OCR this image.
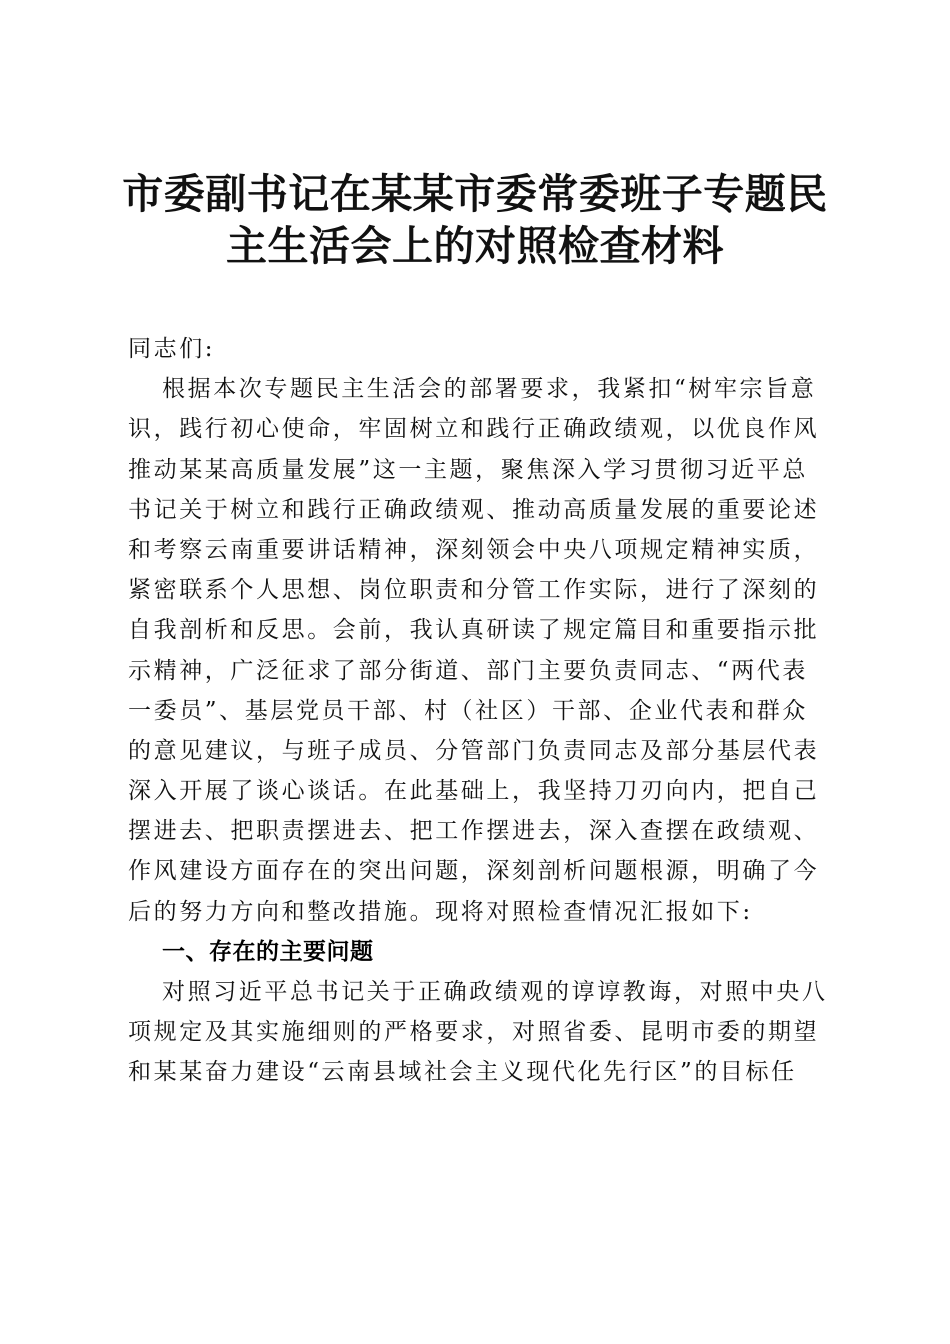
市委副书记在某某市委常委班子专题民
主生活会上的对照检查材料
同志们:
根据本次专题民主生活会的部署要求，我紧扣“树牢宗旨意
识，践行初心使命，牢固树立和践行正确政绩观，以优良作风
推动某某高质量发展”这一主题，聚焦深入学习贯彻习近平总
书记关于树立和践行正确政绩观、推动高质量发展的重要论述
和考察云南重要讲话精神，深刻领会中央八项规定精神实质，
紧密联系个人思想、岗位职责和分管工作实际，进行了深刻的
自我剖析和反思。会前，我认真研读了规定篇目和重要指示批
示精神，广泛征求了部分街道、部门主要负责同志、“两代表
一委员”、基层党员干部、村（社区）干部、企业代表和群众
的意见建议，与班子成员、分管部门负责同志及部分基层代表
深入开展了谈心谈话。在此基础上，我坚持刀刃向内，把自己
摆进去、把职责摆进去、把工作摆进去，深入查摆在政绩观、
作风建设方面存在的突出问题，深刻剖析问题根源，明确了今
后的努力方向和整改措施。现将对照检查情况汇报如下:
一、存在的主要问题
对照习近平总书记关于正确政绩观的谆谆教诲，对照中央八
项规定及其实施细则的严格要求，对照省委、昆明市委的期望
和某某奋力建设“云南县域社会主义现代化先行区”的目标任
